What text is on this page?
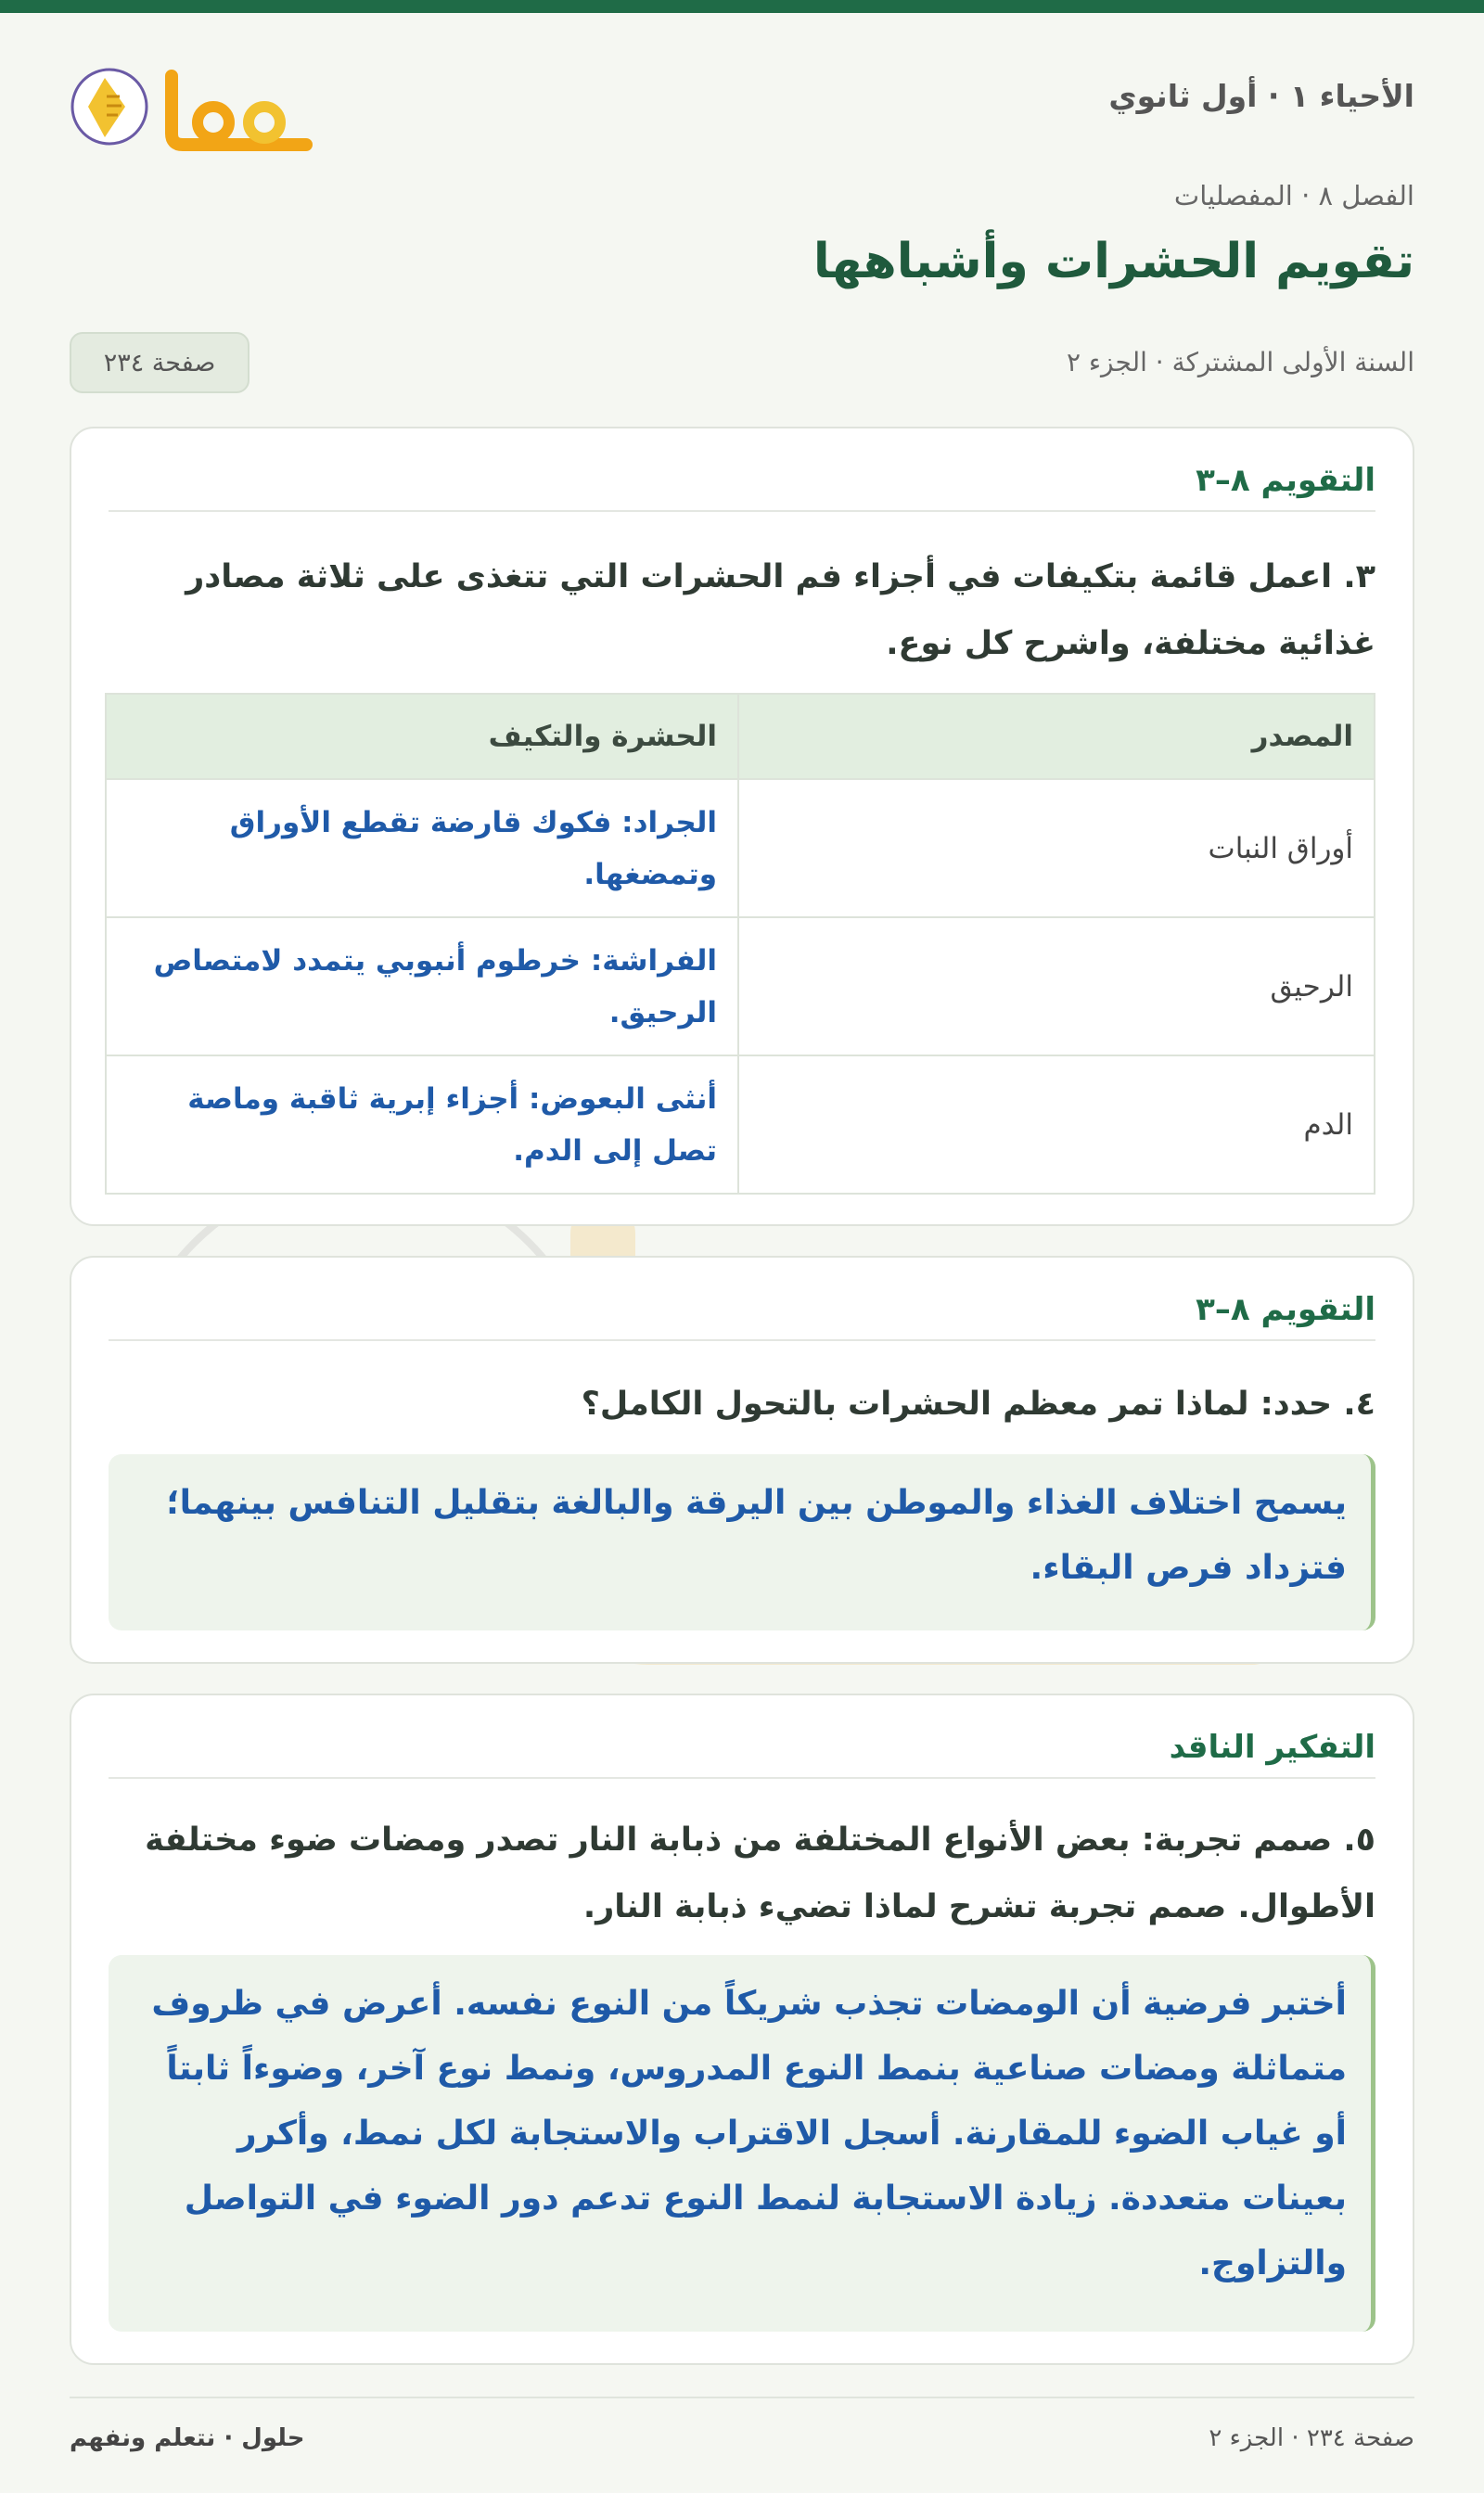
الأحياء ١ · أول ثانوي
الفصل ٨ · المفصليات
تقويم الحشرات وأشباهها
السنة الأولى المشتركة · الجزء ٢
صفحة ٢٣٤
التقويم ٨–٣
٣. اعمل قائمة بتكيفات في أجزاء فم الحشرات التي تتغذى على ثلاثة مصادر غذائية مختلفة، واشرح كل نوع.
المصدر	الحشرة والتكيف
أوراق النبات	الجراد: فكوك قارضة تقطع الأوراق وتمضغها.
الرحيق	الفراشة: خرطوم أنبوبي يتمدد لامتصاص الرحيق.
الدم	أنثى البعوض: أجزاء إبرية ثاقبة وماصة تصل إلى الدم.
التقويم ٨–٣
٤. حدد: لماذا تمر معظم الحشرات بالتحول الكامل؟
يسمح اختلاف الغذاء والموطن بين اليرقة والبالغة بتقليل التنافس بينهما؛ فتزداد فرص البقاء.
التفكير الناقد
٥. صمم تجربة: بعض الأنواع المختلفة من ذبابة النار تصدر ومضات ضوء مختلفة الأطوال. صمم تجربة تشرح لماذا تضيء ذبابة النار.
أختبر فرضية أن الومضات تجذب شريكاً من النوع نفسه. أعرض في ظروف متماثلة ومضات صناعية بنمط النوع المدروس، ونمط نوع آخر، وضوءاً ثابتاً أو غياب الضوء للمقارنة. أسجل الاقتراب والاستجابة لكل نمط، وأكرر بعينات متعددة. زيادة الاستجابة لنمط النوع تدعم دور الضوء في التواصل والتزاوج.
صفحة ٢٣٤ · الجزء ٢
حلول · نتعلم ونفهم
